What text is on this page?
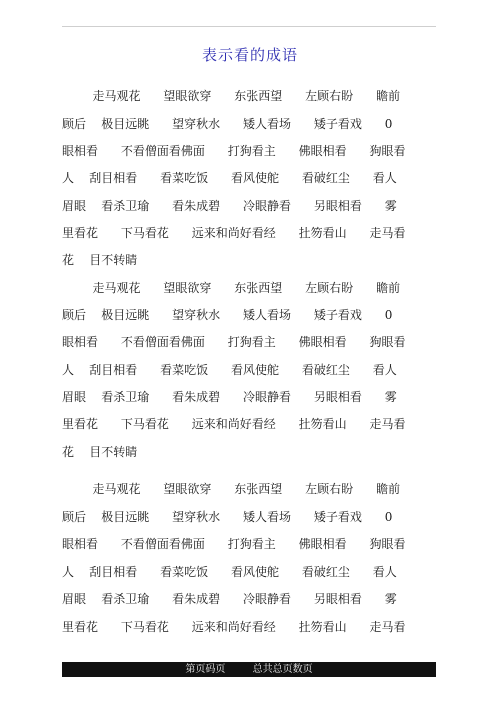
表示看的成语
走马观花      望眼欲穿      东张西望      左顾右盼      瞻前
顾后    极目远眺      望穿秋水      矮人看场      矮子看戏      0
眼相看      不看僧面看佛面      打狗看主      佛眼相看      狗眼看
人    刮目相看      看菜吃饭      看风使舵      看破红尘      看人
眉眼    看杀卫瑜      看朱成碧      冷眼静看      另眼相看      雾
里看花      下马看花      远来和尚好看经      扗笏看山      走马看
花    目不转睛
走马观花      望眼欲穿      东张西望      左顾右盼      瞻前
顾后    极目远眺      望穿秋水      矮人看场      矮子看戏      0
眼相看      不看僧面看佛面      打狗看主      佛眼相看      狗眼看
人    刮目相看      看菜吃饭      看风使舵      看破红尘      看人
眉眼    看杀卫瑜      看朱成碧      冷眼静看      另眼相看      雾
里看花      下马看花      远来和尚好看经      扗笏看山      走马看
花    目不转睛
走马观花      望眼欲穿      东张西望      左顾右盼      瞻前
顾后    极目远眺      望穿秋水      矮人看场      矮子看戏      0
眼相看      不看僧面看佛面      打狗看主      佛眼相看      狗眼看
人    刮目相看      看菜吃饭      看风使舵      看破红尘      看人
眉眼    看杀卫瑜      看朱成碧      冷眼静看      另眼相看      雾
里看花      下马看花      远来和尚好看经      扗笏看山      走马看
第页码页	总共总页数页
